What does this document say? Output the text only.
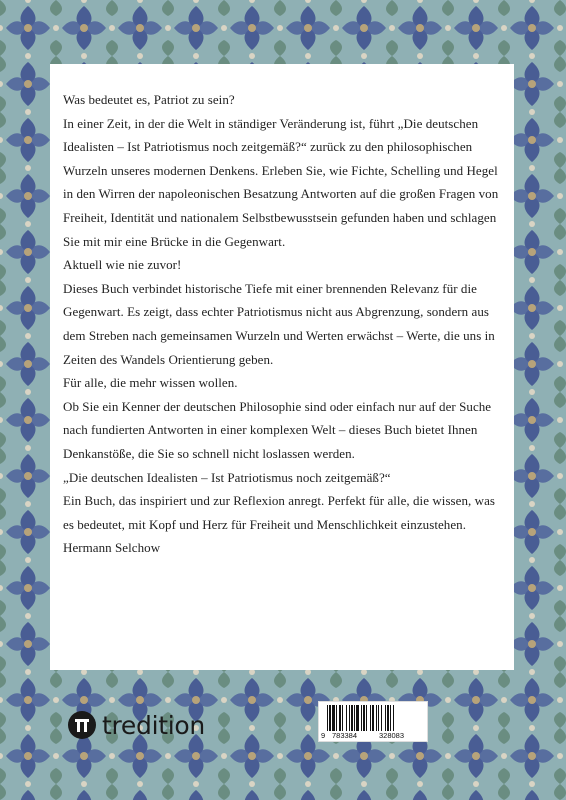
Was bedeutet es, Patriot zu sein?

In einer Zeit, in der die Welt in ständiger Veränderung ist, führt „Die deutschen Idealisten – Ist Patriotismus noch zeitgemäß?“ zurück zu den philosophischen Wurzeln unseres modernen Denkens. Erleben Sie, wie Fichte, Schelling und Hegel in den Wirren der napoleonischen Besatzung Antworten auf die großen Fragen von Freiheit, Identität und nationalem Selbstbewusstsein gefunden haben und schlagen Sie mit mir eine Brücke in die Gegenwart.

Aktuell wie nie zuvor!

Dieses Buch verbindet historische Tiefe mit einer brennenden Relevanz für die Gegenwart. Es zeigt, dass echter Patriotismus nicht aus Abgrenzung, sondern aus dem Streben nach gemeinsamen Wurzeln und Werten erwächst – Werte, die uns in Zeiten des Wandels Orientierung geben.

Für alle, die mehr wissen wollen.

Ob Sie ein Kenner der deutschen Philosophie sind oder einfach nur auf der Suche nach fundierten Antworten in einer komplexen Welt – dieses Buch bietet Ihnen Denkanstöße, die Sie so schnell nicht loslassen werden.

„Die deutschen Idealisten – Ist Patriotismus noch zeitgemäß?“

Ein Buch, das inspiriert und zur Reflexion anregt. Perfekt für alle, die wissen, was es bedeutet, mit Kopf und Herz für Freiheit und Menschlichkeit einzustehen.

Hermann Selchow

tredition	9 783384	328083
